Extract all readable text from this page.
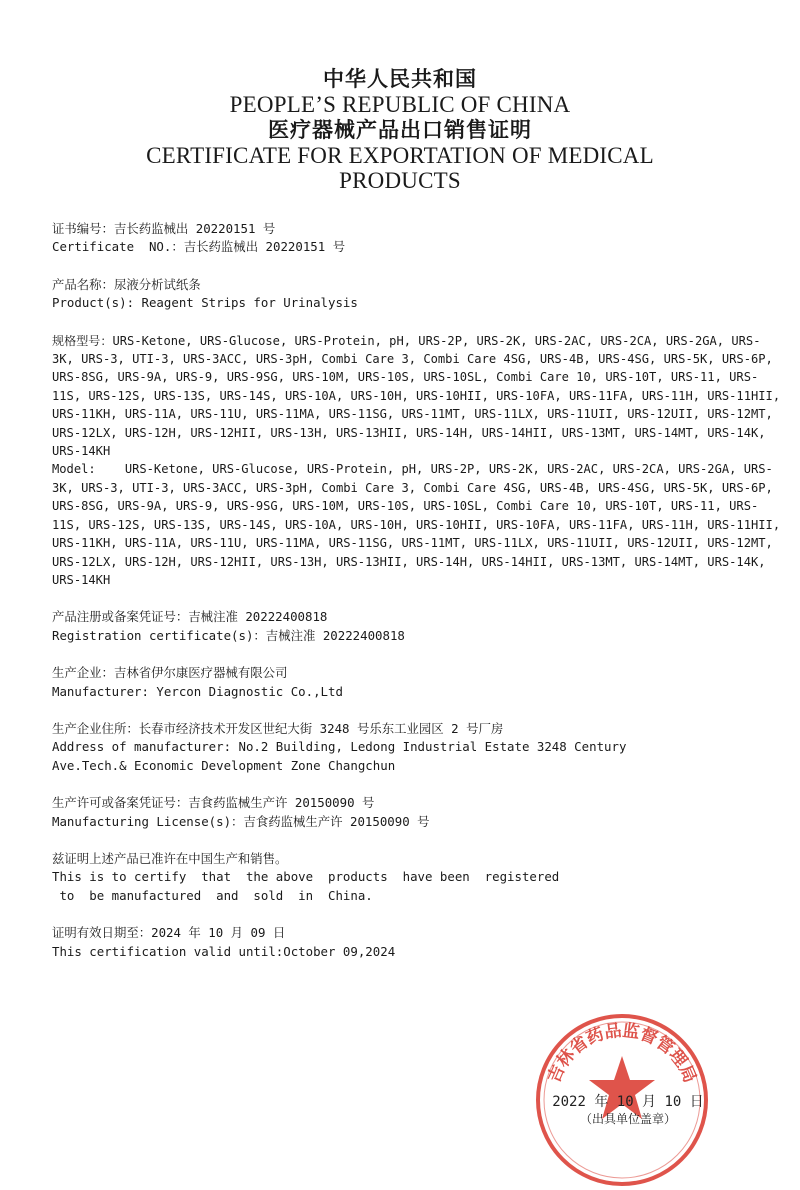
中华人民共和国
PEOPLE’S REPUBLIC OF CHINA
医疗器械产品出口销售证明
CERTIFICATE FOR EXPORTATION OF MEDICAL
PRODUCTS
证书编号：吉长药监械出 20220151 号
Certificate  NO.：吉长药监械出 20220151 号
产品名称：尿液分析试纸条
Product(s): Reagent Strips for Urinalysis
规格型号：URS-Ketone, URS-Glucose, URS-Protein, pH, URS-2P, URS-2K, URS-2AC, URS-2CA, URS-2GA, URS-3K, URS-3, UTI-3, URS-3ACC, URS-3pH, Combi Care 3, Combi Care 4SG, URS-4B, URS-4SG, URS-5K, URS-6P, URS-8SG, URS-9A, URS-9, URS-9SG, URS-10M, URS-10S, URS-10SL, Combi Care 10, URS-10T, URS-11, URS-11S, URS-12S, URS-13S, URS-14S, URS-10A, URS-10H, URS-10HII, URS-10FA, URS-11FA, URS-11H, URS-11HII, URS-11KH, URS-11A, URS-11U, URS-11MA, URS-11SG, URS-11MT, URS-11LX, URS-11UII, URS-12UII, URS-12MT, URS-12LX, URS-12H, URS-12HII, URS-13H, URS-13HII, URS-14H, URS-14HII, URS-13MT, URS-14MT, URS-14K, URS-14KH
Model: URS-Ketone, URS-Glucose, URS-Protein, pH, URS-2P, URS-2K, URS-2AC, URS-2CA, URS-2GA, URS-3K, URS-3, UTI-3, URS-3ACC, URS-3pH, Combi Care 3, Combi Care 4SG, URS-4B, URS-4SG, URS-5K, URS-6P, URS-8SG, URS-9A, URS-9, URS-9SG, URS-10M, URS-10S, URS-10SL, Combi Care 10, URS-10T, URS-11, URS-11S, URS-12S, URS-13S, URS-14S, URS-10A, URS-10H, URS-10HII, URS-10FA, URS-11FA, URS-11H, URS-11HII, URS-11KH, URS-11A, URS-11U, URS-11MA, URS-11SG, URS-11MT, URS-11LX, URS-11UII, URS-12UII, URS-12MT, URS-12LX, URS-12H, URS-12HII, URS-13H, URS-13HII, URS-14H, URS-14HII, URS-13MT, URS-14MT, URS-14K, URS-14KH
产品注册或备案凭证号：吉械注准 20222400818
Registration certificate(s)：吉械注准 20222400818
生产企业：吉林省伊尔康医疗器械有限公司
Manufacturer: Yercon Diagnostic Co.,Ltd
生产企业住所：长春市经济技术开发区世纪大街 3248 号乐东工业园区 2 号厂房
Address of manufacturer: No.2 Building, Ledong Industrial Estate 3248 Century
Ave.Tech.& Economic Development Zone Changchun
生产许可或备案凭证号：吉食药监械生产许 20150090 号
Manufacturing License(s)：吉食药监械生产许 20150090 号
兹证明上述产品已准许在中国生产和销售。
This is to certify  that  the above  products  have been  registered
to  be manufactured  and  sold  in  China.
证明有效日期至：2024 年 10 月 09 日
This certification valid until:October 09,2024
吉林省药品监督管理局
2022 年 10 月 10 日
（出具单位盖章）
